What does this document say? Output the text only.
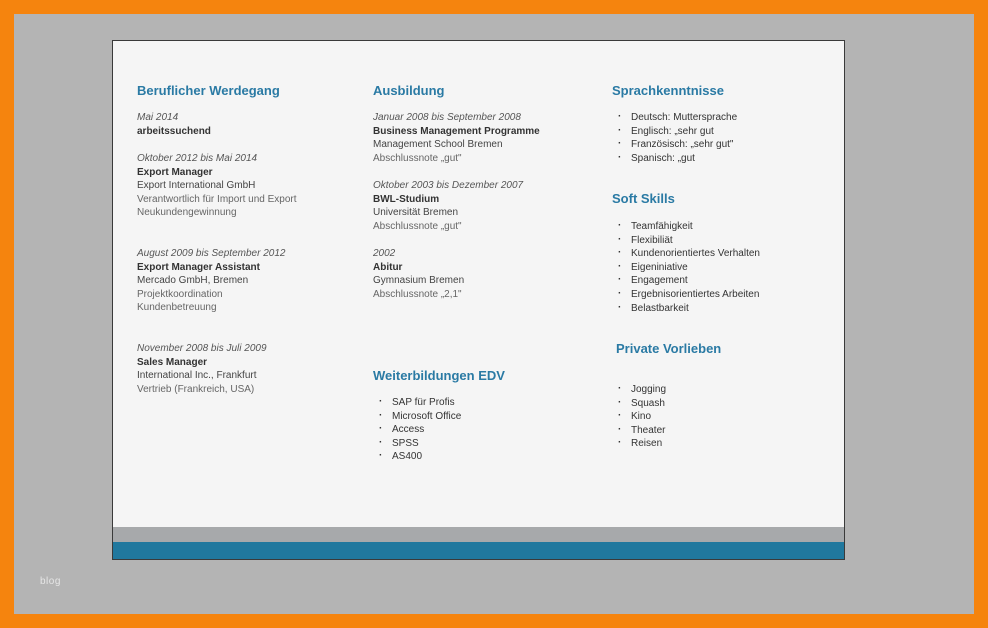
Beruflicher Werdegang
Mai 2014
arbeitssuchend
Oktober 2012 bis Mai 2014
Export Manager
Export International GmbH
Verantwortlich für Import und Export
Neukundengewinnung
August 2009 bis September 2012
Export Manager Assistant
Mercado GmbH, Bremen
Projektkoordination
Kundenbetreuung
November 2008 bis Juli 2009
Sales Manager
International Inc., Frankfurt
Vertrieb (Frankreich, USA)
Ausbildung
Januar 2008 bis September 2008
Business Management Programme
Management School Bremen
Abschlussnote „gut"
Oktober 2003 bis Dezember 2007
BWL-Studium
Universität Bremen
Abschlussnote „gut"
2002
Abitur
Gymnasium Bremen
Abschlussnote „2,1"
Weiterbildungen EDV
· SAP für Profis
· Microsoft Office
· Access
· SPSS
· AS400
Sprachkenntnisse
· Deutsch: Muttersprache
· Englisch: „sehr gut
· Französisch: „sehr gut"
· Spanisch: „gut
Soft Skills
· Teamfähigkeit
· Flexibiliät
· Kundenorientiertes Verhalten
· Eigeniniative
· Engagement
· Ergebnisorientiertes Arbeiten
· Belastbarkeit
Private Vorlieben
· Jogging
· Squash
· Kino
· Theater
· Reisen
blog
